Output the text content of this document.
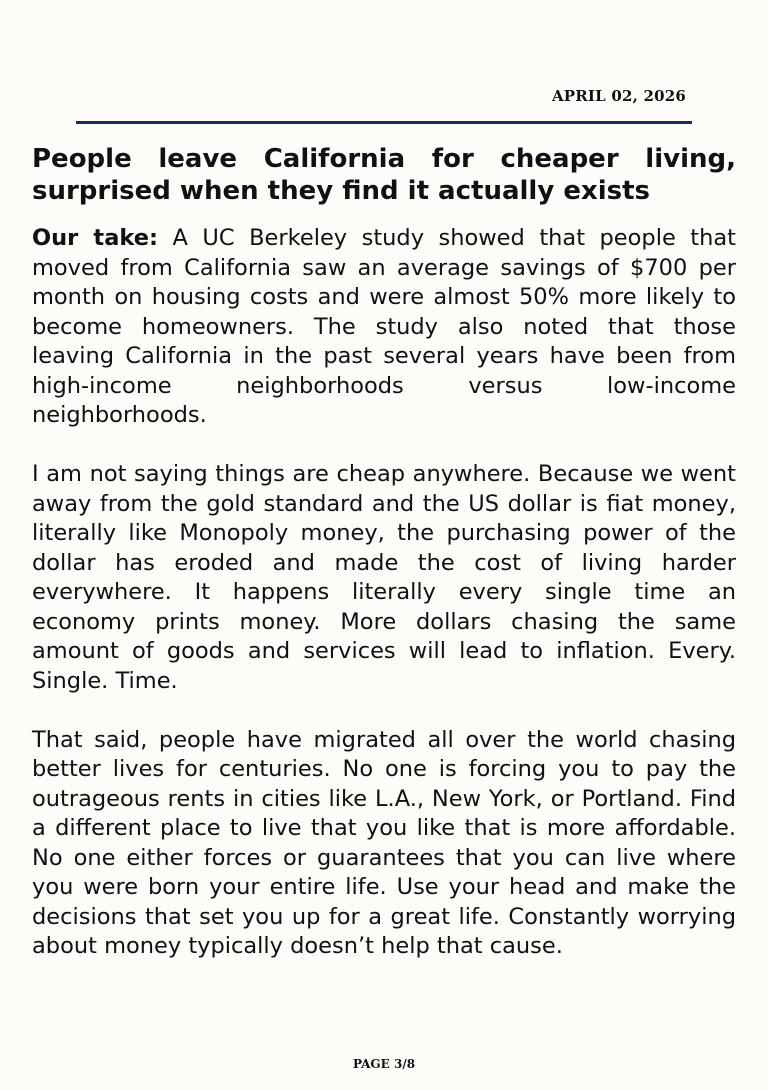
APRIL 02, 2026
People leave California for cheaper living, surprised when they find it actually exists

Our take: A UC Berkeley study showed that people that moved from California saw an average savings of $700 per month on housing costs and were almost 50% more likely to become homeowners. The study also noted that those leaving California in the past several years have been from high-income neighborhoods versus low-income neighborhoods.

I am not saying things are cheap anywhere. Because we went away from the gold standard and the US dollar is fiat money, literally like Monopoly money, the purchasing power of the dollar has eroded and made the cost of living harder everywhere. It happens literally every single time an economy prints money. More dollars chasing the same amount of goods and services will lead to inflation. Every. Single. Time.

That said, people have migrated all over the world chasing better lives for centuries. No one is forcing you to pay the outrageous rents in cities like L.A., New York, or Portland. Find a different place to live that you like that is more affordable. No one either forces or guarantees that you can live where you were born your entire life. Use your head and make the decisions that set you up for a great life. Constantly worrying about money typically doesn’t help that cause.

PAGE 3/8
